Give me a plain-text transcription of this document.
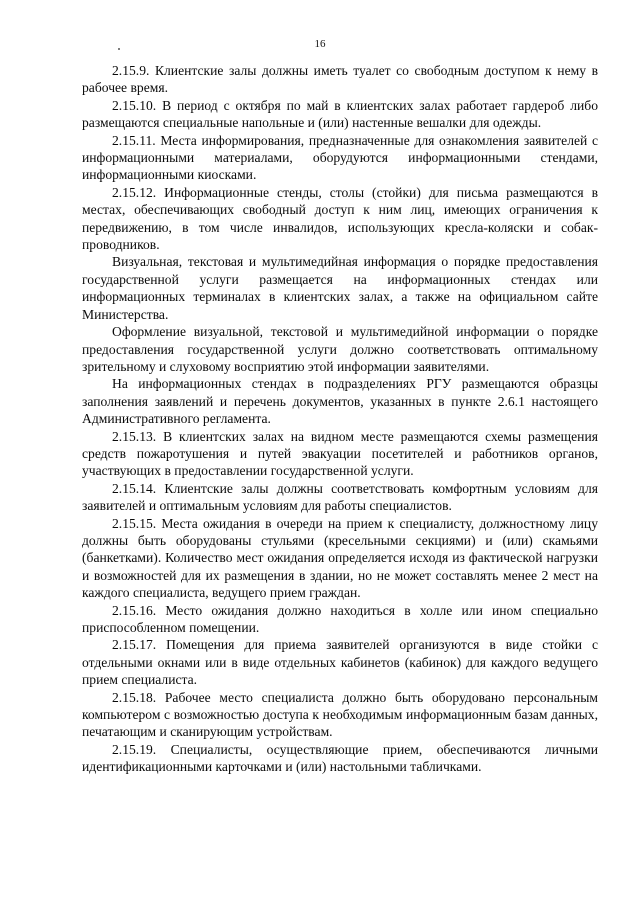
16

2.15.9. Клиентские залы должны иметь туалет со свободным доступом к нему в рабочее время.

2.15.10. В период с октября по май в клиентских залах работает гардероб либо размещаются специальные напольные и (или) настенные вешалки для одежды.

2.15.11. Места информирования, предназначенные для ознакомления заявителей с информационными материалами, оборудуются информационными стендами, информационными киосками.

2.15.12. Информационные стенды, столы (стойки) для письма размещаются в местах, обеспечивающих свободный доступ к ним лиц, имеющих ограничения к передвижению, в том числе инвалидов, использующих кресла-коляски и собак-проводников.

Визуальная, текстовая и мультимедийная информация о порядке предоставления государственной услуги размещается на информационных стендах или информационных терминалах в клиентских залах, а также на официальном сайте Министерства.

Оформление визуальной, текстовой и мультимедийной информации о порядке предоставления государственной услуги должно соответствовать оптимальному зрительному и слуховому восприятию этой информации заявителями.

На информационных стендах в подразделениях РГУ размещаются образцы заполнения заявлений и перечень документов, указанных в пункте 2.6.1 настоящего Административного регламента.

2.15.13. В клиентских залах на видном месте размещаются схемы размещения средств пожаротушения и путей эвакуации посетителей и работников органов, участвующих в предоставлении государственной услуги.

2.15.14. Клиентские залы должны соответствовать комфортным условиям для заявителей и оптимальным условиям для работы специалистов.

2.15.15. Места ожидания в очереди на прием к специалисту, должностному лицу должны быть оборудованы стульями (кресельными секциями) и (или) скамьями (банкетками). Количество мест ожидания определяется исходя из фактической нагрузки и возможностей для их размещения в здании, но не может составлять менее 2 мест на каждого специалиста, ведущего прием граждан.

2.15.16. Место ожидания должно находиться в холле или ином специально приспособленном помещении.

2.15.17. Помещения для приема заявителей организуются в виде стойки с отдельными окнами или в виде отдельных кабинетов (кабинок) для каждого ведущего прием специалиста.

2.15.18. Рабочее место специалиста должно быть оборудовано персональным компьютером с возможностью доступа к необходимым информационным базам данных, печатающим и сканирующим устройствам.

2.15.19. Специалисты, осуществляющие прием, обеспечиваются личными идентификационными карточками и (или) настольными табличками.
